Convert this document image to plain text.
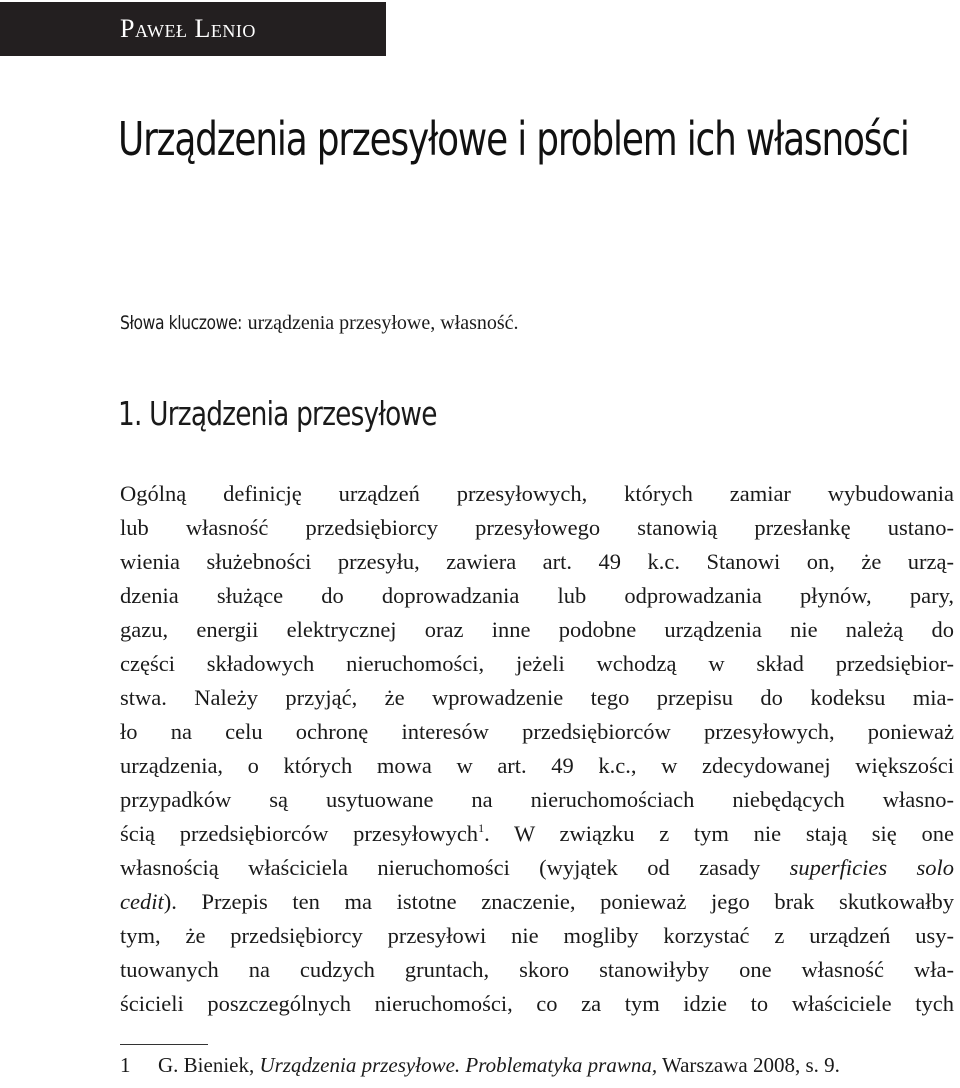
Paweł Lenio
Urządzenia przesyłowe i problem ich własności
Słowa kluczowe: urządzenia przesyłowe, własność.
1. Urządzenia przesyłowe
Ogólną definicję urządzeń przesyłowych, których zamiar wybudowania
lub własność przedsiębiorcy przesyłowego stanowią przesłankę ustano-
wienia służebności przesyłu, zawiera art. 49 k.c. Stanowi on, że urzą-
dzenia służące do doprowadzania lub odprowadzania płynów, pary,
gazu, energii elektrycznej oraz inne podobne urządzenia nie należą do
części składowych nieruchomości, jeżeli wchodzą w skład przedsiębior-
stwa. Należy przyjąć, że wprowadzenie tego przepisu do kodeksu mia-
ło na celu ochronę interesów przedsiębiorców przesyłowych, ponieważ
urządzenia, o których mowa w art. 49 k.c., w zdecydowanej większości
przypadków są usytuowane na nieruchomościach niebędących własno-
ścią przedsiębiorców przesyłowych$^1$. W związku z tym nie stają się one
własnością właściciela nieruchomości (wyjątek od zasady superficies solo
cedit). Przepis ten ma istotne znaczenie, ponieważ jego brak skutkowałby
tym, że przedsiębiorcy przesyłowi nie mogliby korzystać z urządzeń usy-
tuowanych na cudzych gruntach, skoro stanowiłyby one własność wła-
ścicieli poszczególnych nieruchomości, co za tym idzie to właściciele tych
1 G. Bieniek, Urządzenia przesyłowe. Problematyka prawna, Warszawa 2008, s. 9.
